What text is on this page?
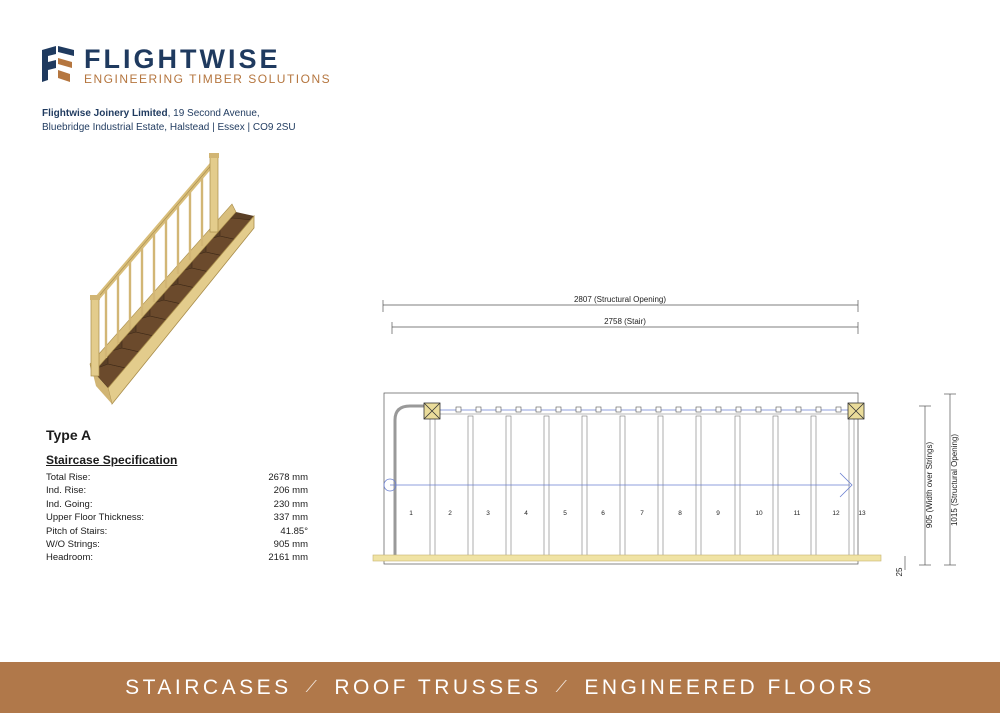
FLIGHTWISE
ENGINEERING TIMBER SOLUTIONS
Flightwise Joinery Limited, 19 Second Avenue,
Bluebridge Industrial Estate, Halstead | Essex | CO9 2SU
Type A
Staircase Specification
Total Rise:	2678 mm
Ind. Rise:	206 mm
Ind. Going:	230 mm
Upper Floor Thickness:	337 mm
Pitch of Stairs:	41.85°
W/O Strings:	905 mm
Headroom:	2161 mm
2807 (Structural Opening)
2758 (Stair)
905 (Width over Strings) 1015 (Structural Opening)
25
1	2	3	4	5	6	7	8	9	10	11	12	13
STAIRCASES ⟋ ROOF TRUSSES ⟋ ENGINEERED FLOORS
